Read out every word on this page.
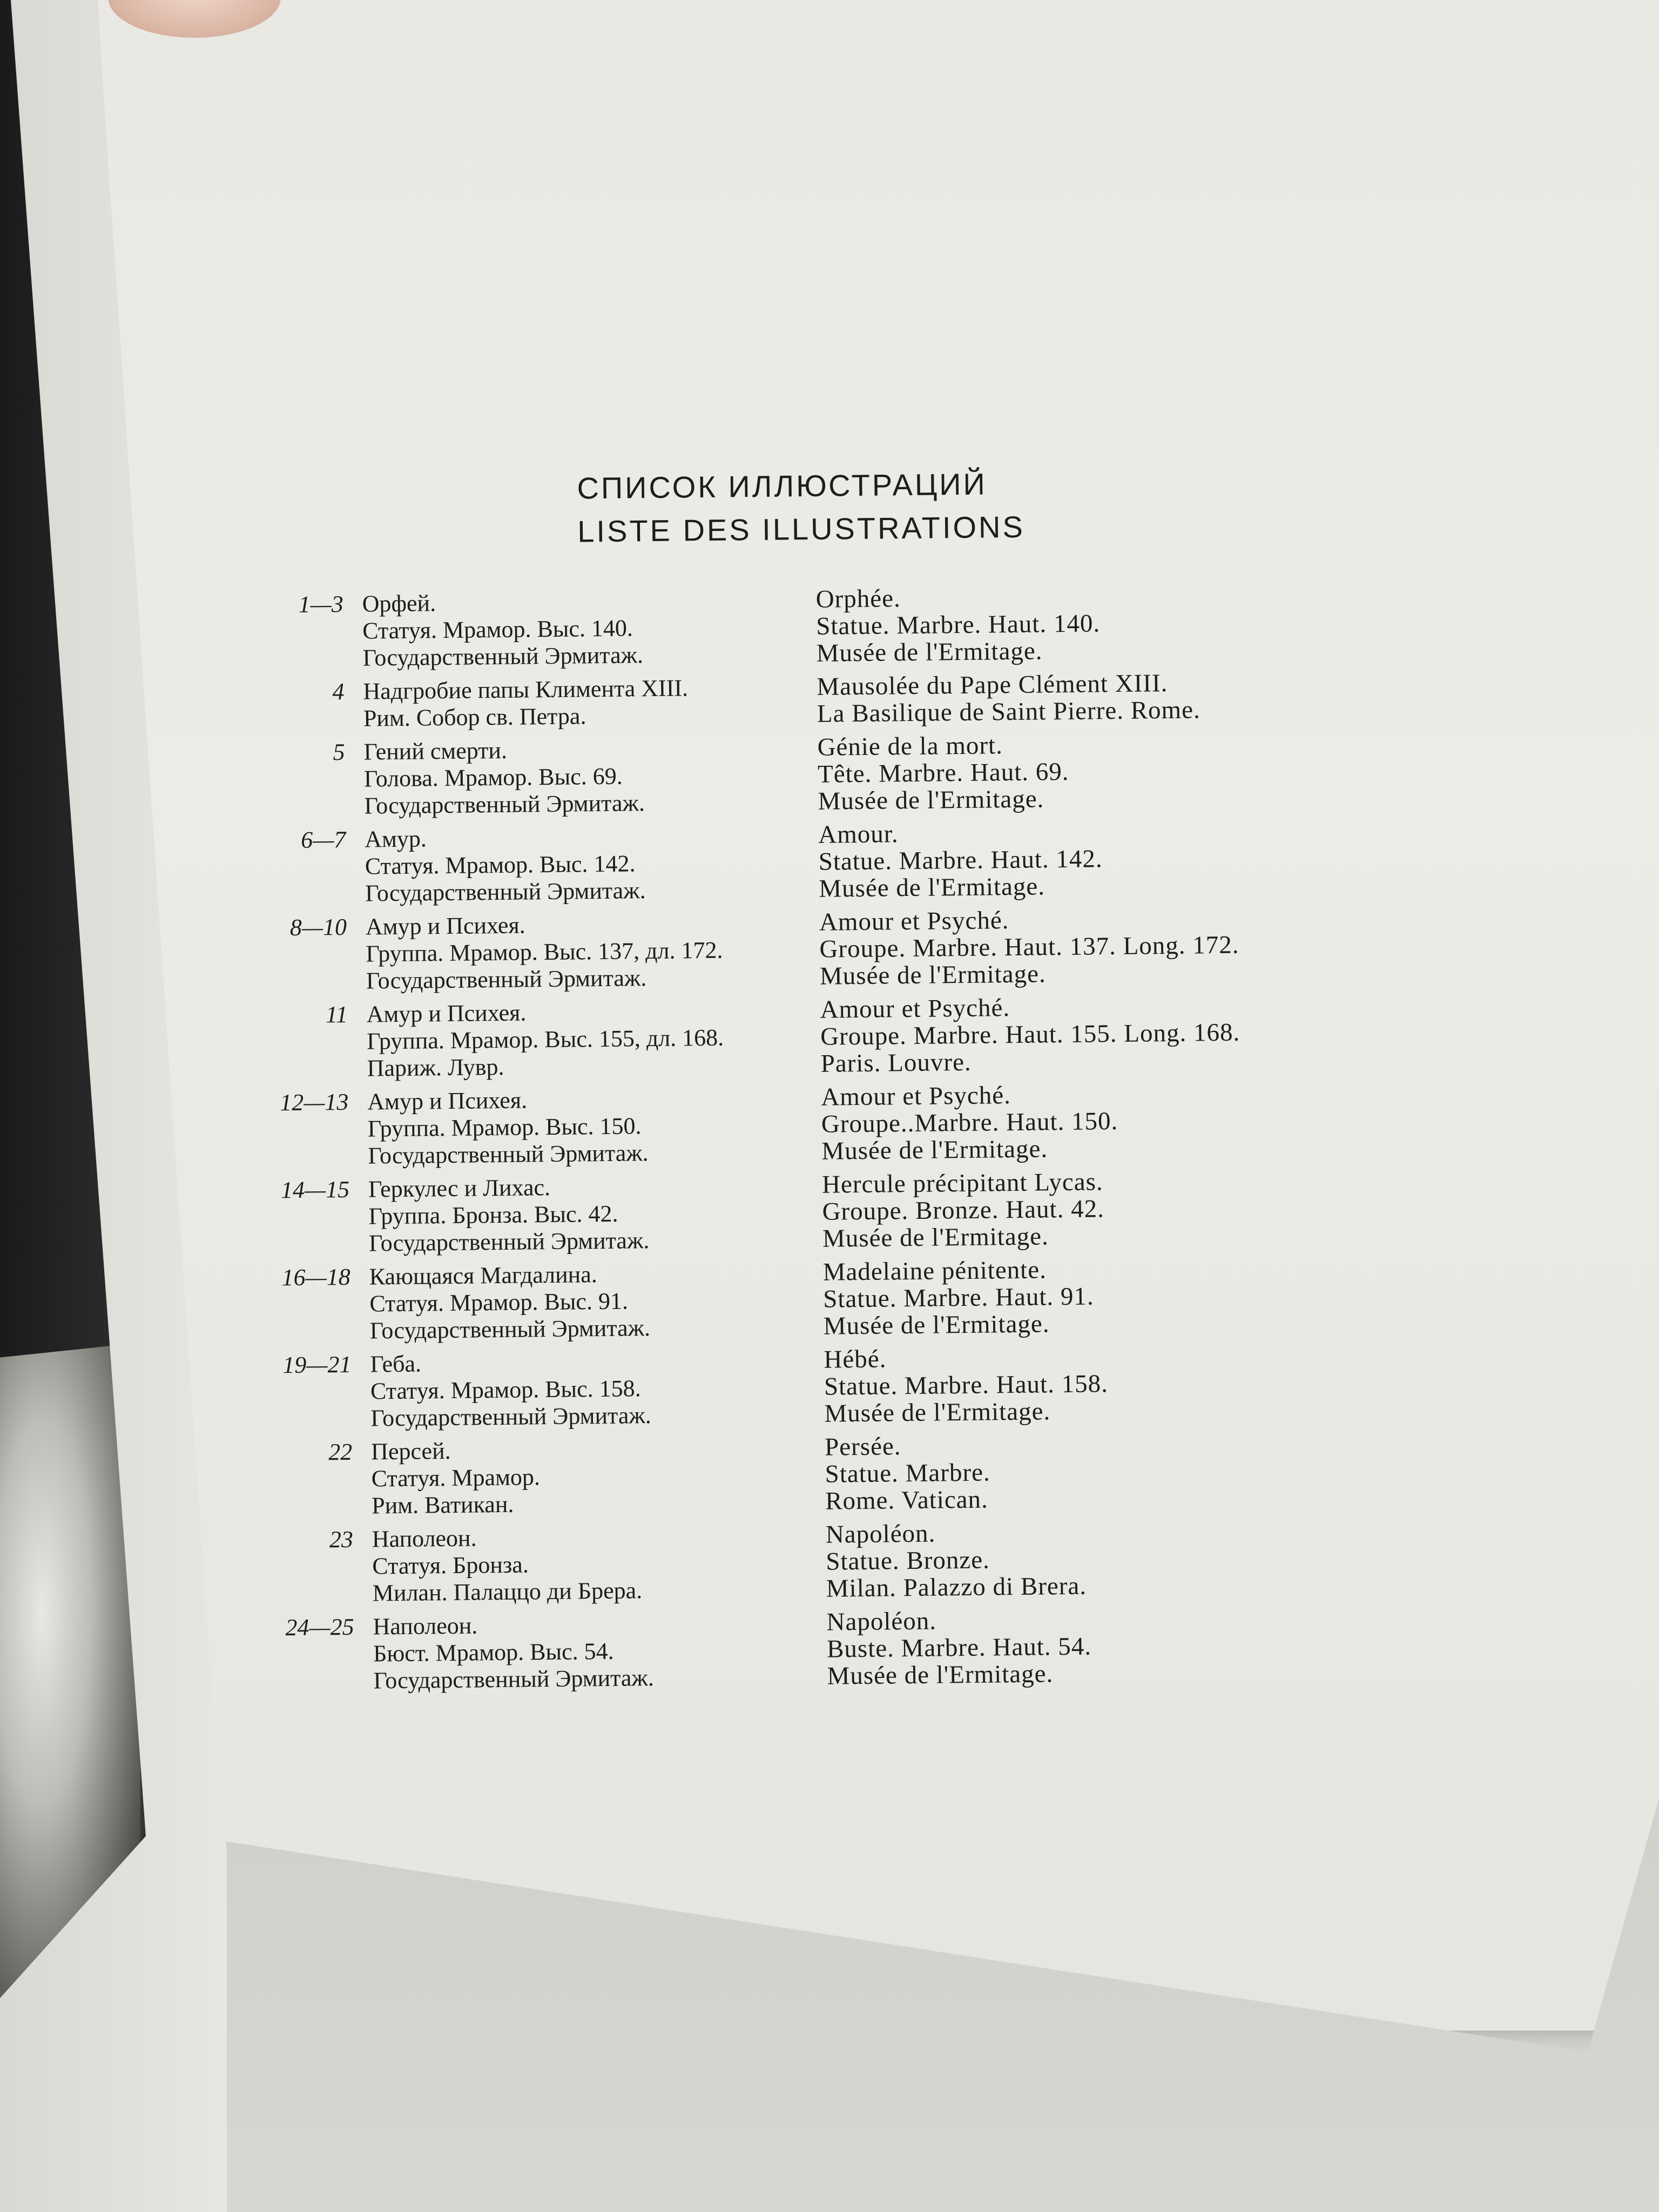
СПИСОК ИЛЛЮСТРАЦИЙ
LISTE DES ILLUSTRATIONS
1—3 Орфей.
Статуя. Мрамор. Выс. 140.
Государственный Эрмитаж.
Orphée.
Statue. Marbre. Haut. 140.
Musée de l'Ermitage.
4 Надгробие папы Климента XIII.
Рим. Собор св. Петра.
Mausolée du Pape Clément XIII.
La Basilique de Saint Pierre. Rome.
5 Гений смерти.
Голова. Мрамор. Выс. 69.
Государственный Эрмитаж.
Génie de la mort.
Tête. Marbre. Haut. 69.
Musée de l'Ermitage.
6—7 Амур.
Статуя. Мрамор. Выс. 142.
Государственный Эрмитаж.
Amour.
Statue. Marbre. Haut. 142.
Musée de l'Ermitage.
8—10 Амур и Психея.
Группа. Мрамор. Выс. 137, дл. 172.
Государственный Эрмитаж.
Amour et Psyché.
Groupe. Marbre. Haut. 137. Long. 172.
Musée de l'Ermitage.
11 Амур и Психея.
Группа. Мрамор. Выс. 155, дл. 168.
Париж. Лувр.
Amour et Psyché.
Groupe. Marbre. Haut. 155. Long. 168.
Paris. Louvre.
12—13 Амур и Психея.
Группа. Мрамор. Выс. 150.
Государственный Эрмитаж.
Amour et Psyché.
Groupe..Marbre. Haut. 150.
Musée de l'Ermitage.
14—15 Геркулес и Лихас.
Группа. Бронза. Выс. 42.
Государственный Эрмитаж.
Hercule précipitant Lycas.
Groupe. Bronze. Haut. 42.
Musée de l'Ermitage.
16—18 Кающаяся Магдалина.
Статуя. Мрамор. Выс. 91.
Государственный Эрмитаж.
Madelaine pénitente.
Statue. Marbre. Haut. 91.
Musée de l'Ermitage.
19—21 Геба.
Статуя. Мрамор. Выс. 158.
Государственный Эрмитаж.
Hébé.
Statue. Marbre. Haut. 158.
Musée de l'Ermitage.
22 Персей.
Статуя. Мрамор.
Рим. Ватикан.
Persée.
Statue. Marbre.
Rome. Vatican.
23 Наполеон.
Статуя. Бронза.
Милан. Палаццо ди Брера.
Napoléon.
Statue. Bronze.
Milan. Palazzo di Brera.
24—25 Наполеон.
Бюст. Мрамор. Выс. 54.
Государственный Эрмитаж.
Napoléon.
Buste. Marbre. Haut. 54.
Musée de l'Ermitage.
